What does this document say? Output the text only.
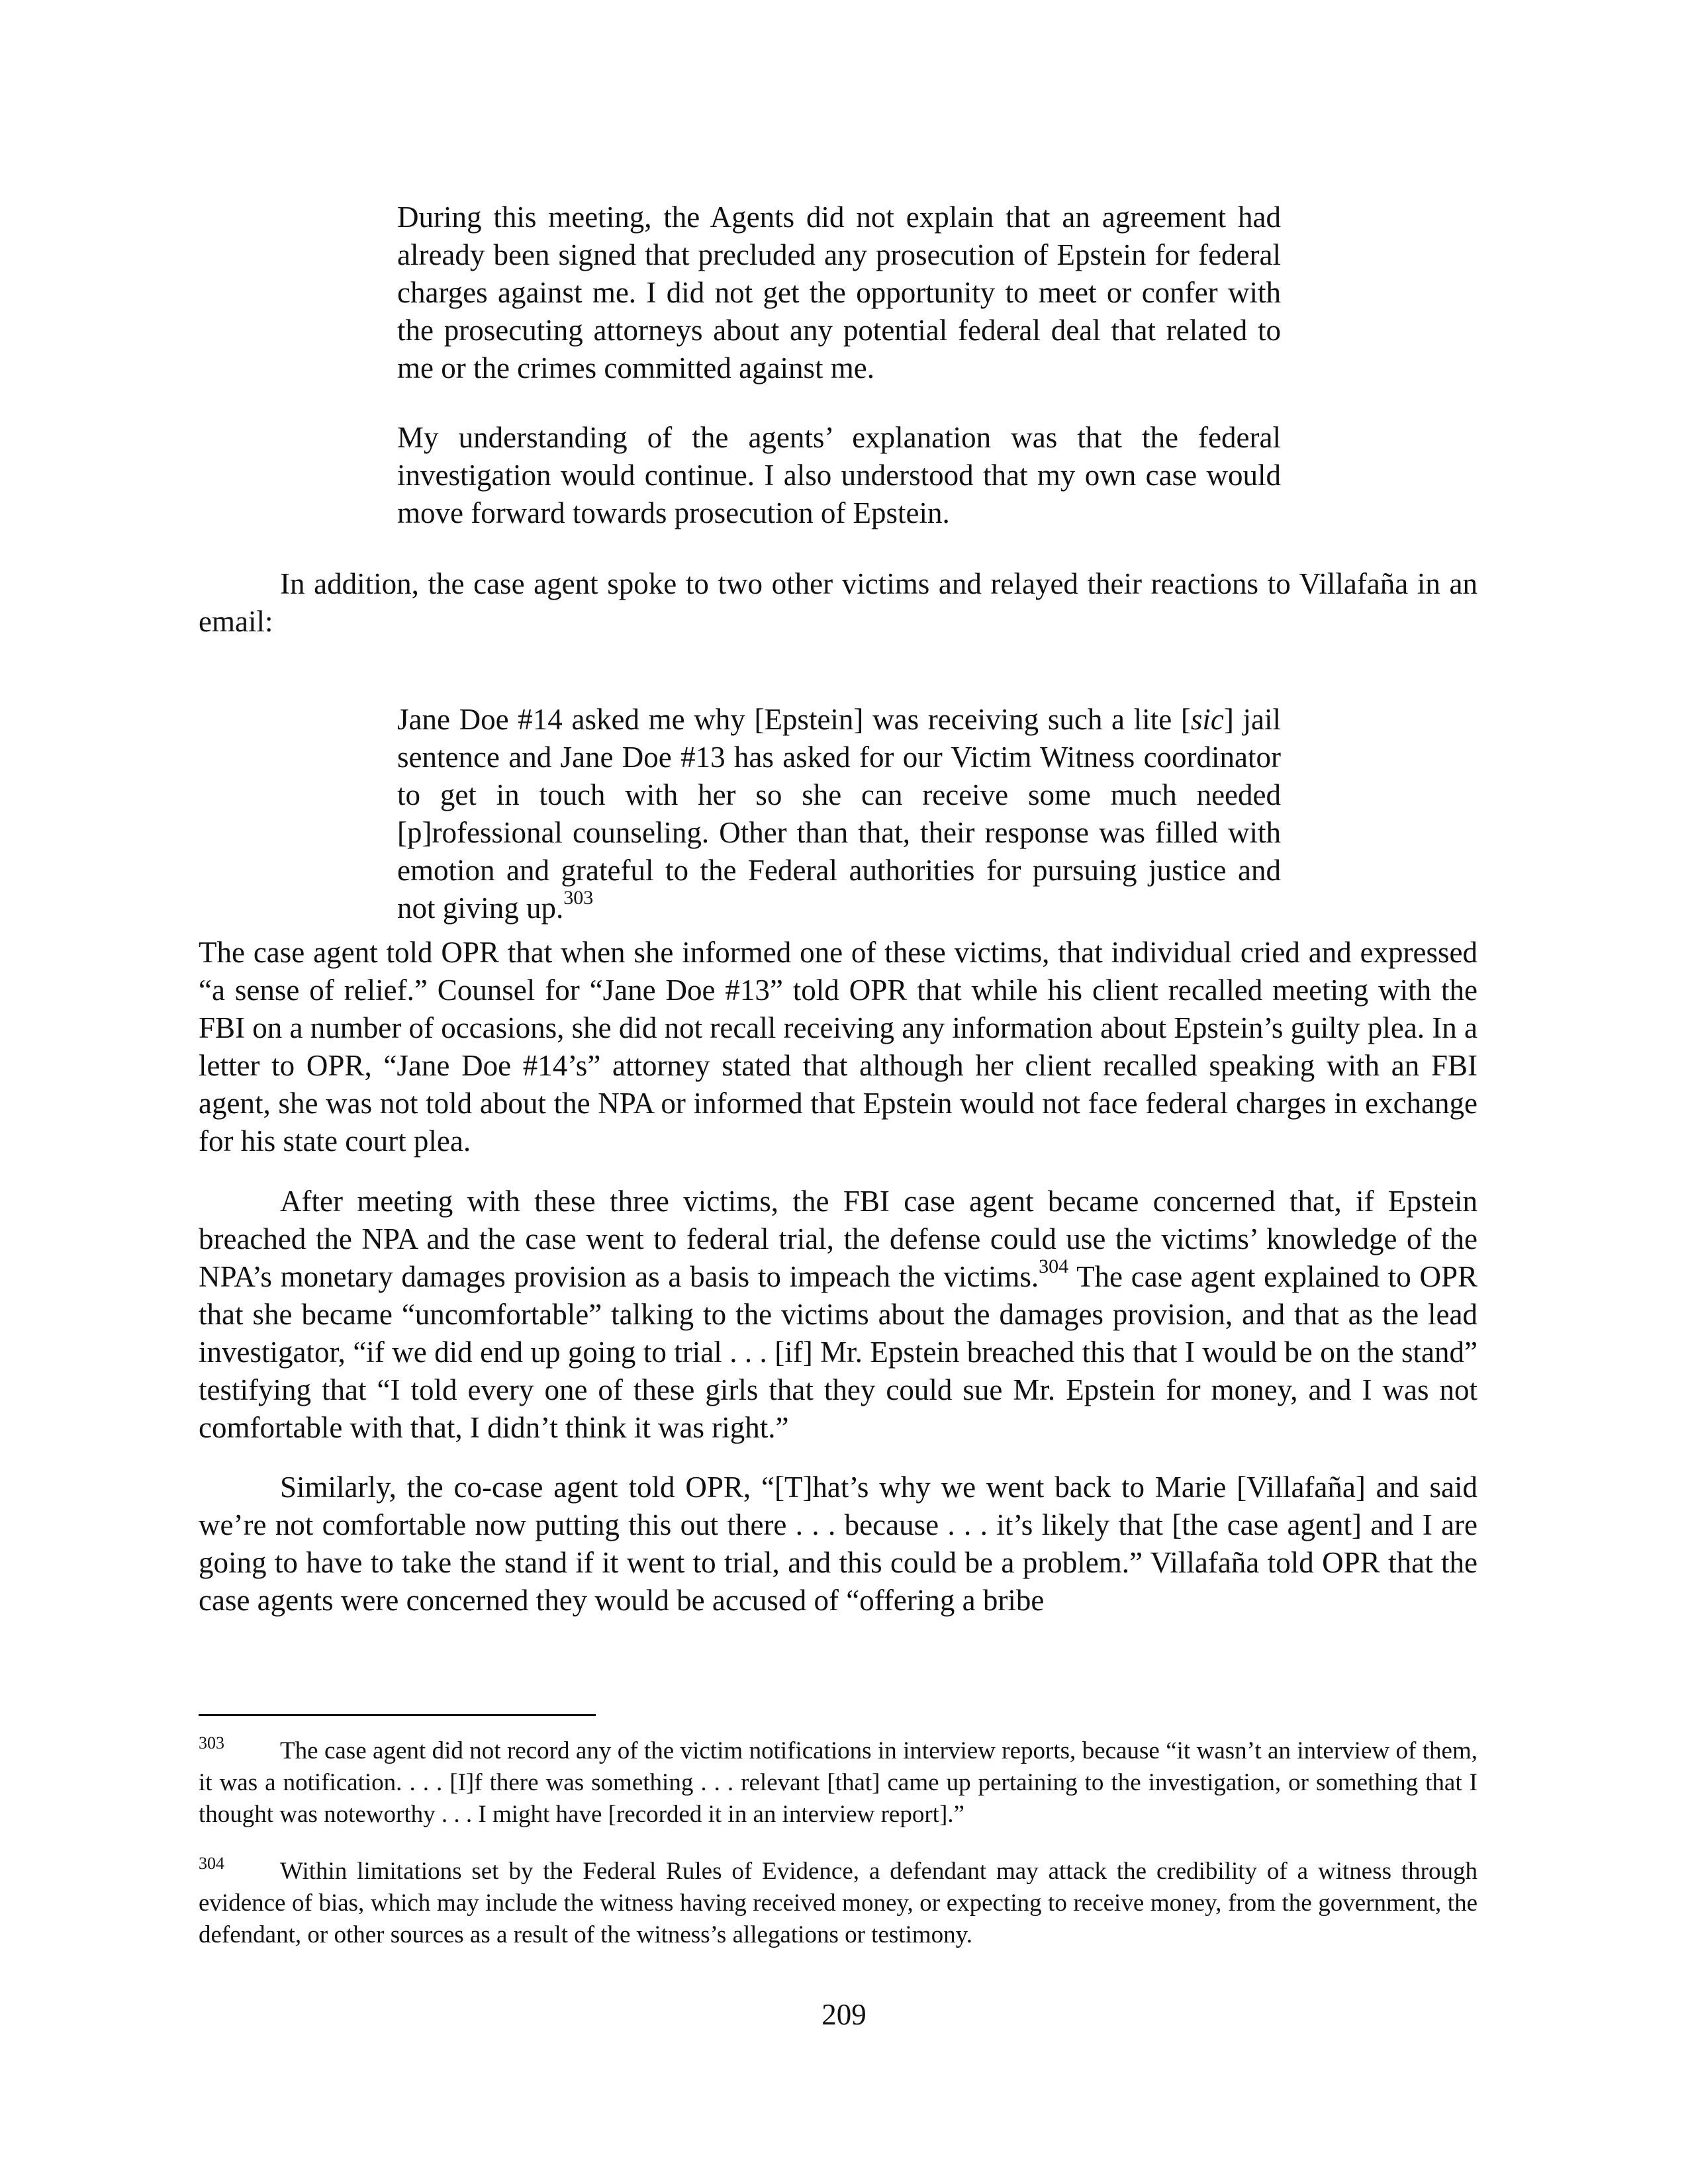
During this meeting, the Agents did not explain that an agreement had already been signed that precluded any prosecution of Epstein for federal charges against me. I did not get the opportunity to meet or confer with the prosecuting attorneys about any potential federal deal that related to me or the crimes committed against me.

My understanding of the agents’ explanation was that the federal investigation would continue. I also understood that my own case would move forward towards prosecution of Epstein.

In addition, the case agent spoke to two other victims and relayed their reactions to Villafaña in an email:

Jane Doe #14 asked me why [Epstein] was receiving such a lite [sic] jail sentence and Jane Doe #13 has asked for our Victim Witness coordinator to get in touch with her so she can receive some much needed [p]rofessional counseling. Other than that, their response was filled with emotion and grateful to the Federal authorities for pursuing justice and not giving up.$^{303}$

The case agent told OPR that when she informed one of these victims, that individual cried and expressed “a sense of relief.” Counsel for “Jane Doe #13” told OPR that while his client recalled meeting with the FBI on a number of occasions, she did not recall receiving any information about Epstein’s guilty plea. In a letter to OPR, “Jane Doe #14’s” attorney stated that although her client recalled speaking with an FBI agent, she was not told about the NPA or informed that Epstein would not face federal charges in exchange for his state court plea.

After meeting with these three victims, the FBI case agent became concerned that, if Epstein breached the NPA and the case went to federal trial, the defense could use the victims’ knowledge of the NPA’s monetary damages provision as a basis to impeach the victims.$^{304}$ The case agent explained to OPR that she became “uncomfortable” talking to the victims about the damages provision, and that as the lead investigator, “if we did end up going to trial . . . [if] Mr. Epstein breached this that I would be on the stand” testifying that “I told every one of these girls that they could sue Mr. Epstein for money, and I was not comfortable with that, I didn’t think it was right.”

Similarly, the co-case agent told OPR, “[T]hat’s why we went back to Marie [Villafaña] and said we’re not comfortable now putting this out there . . . because . . . it’s likely that [the case agent] and I are going to have to take the stand if it went to trial, and this could be a problem.” Villafaña told OPR that the case agents were concerned they would be accused of “offering a bribe

303 The case agent did not record any of the victim notifications in interview reports, because “it wasn’t an interview of them, it was a notification. . . . [I]f there was something . . . relevant [that] came up pertaining to the investigation, or something that I thought was noteworthy . . . I might have [recorded it in an interview report].”

304 Within limitations set by the Federal Rules of Evidence, a defendant may attack the credibility of a witness through evidence of bias, which may include the witness having received money, or expecting to receive money, from the government, the defendant, or other sources as a result of the witness’s allegations or testimony.

209
